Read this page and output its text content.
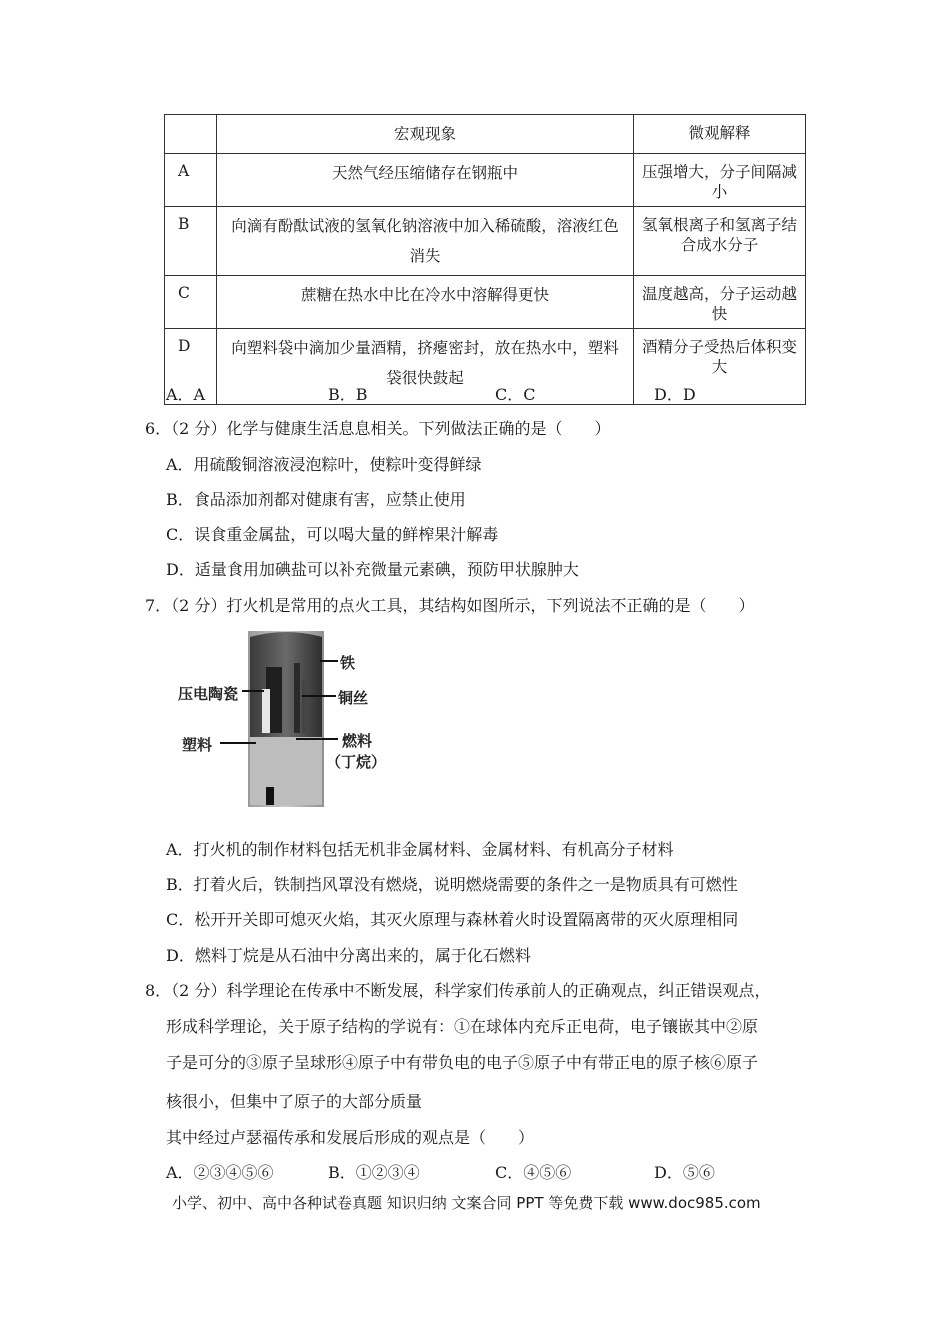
	宏观现象	微观解释
A	天然气经压缩储存在钢瓶中	压强增大，分子间隔减小
B	向滴有酚酞试液的氢氧化钠溶液中加入稀硫酸，溶液红色消失	氢氧根离子和氢离子结合成水分子
C	蔗糖在热水中比在冷水中溶解得更快	温度越高，分子运动越快
D	向塑料袋中滴加少量酒精，挤瘪密封，放在热水中，塑料袋很快鼓起	酒精分子受热后体积变大
A．A	B．B	C．C	D．D
6．（2 分）化学与健康生活息息相关。下列做法正确的是（　　）
A．用硫酸铜溶液浸泡粽叶，使粽叶变得鲜绿
B．食品添加剂都对健康有害，应禁止使用
C．误食重金属盐，可以喝大量的鲜榨果汁解毒
D．适量食用加碘盐可以补充微量元素碘，预防甲状腺肿大
7．（2 分）打火机是常用的点火工具，其结构如图所示，下列说法不正确的是（　　）
铁
压电陶瓷	铜丝
塑料	燃料
（丁烷）
A．打火机的制作材料包括无机非金属材料、金属材料、有机高分子材料
B．打着火后，铁制挡风罩没有燃烧，说明燃烧需要的条件之一是物质具有可燃性
C．松开开关即可熄灭火焰，其灭火原理与森林着火时设置隔离带的灭火原理相同
D．燃料丁烷是从石油中分离出来的，属于化石燃料
8．（2 分）科学理论在传承中不断发展，科学家们传承前人的正确观点，纠正错误观点，
形成科学理论，关于原子结构的学说有：①在球体内充斥正电荷，电子镶嵌其中②原
子是可分的③原子呈球形④原子中有带负电的电子⑤原子中有带正电的原子核⑥原子
核很小，但集中了原子的大部分质量
其中经过卢瑟福传承和发展后形成的观点是（　　）
A．②③④⑤⑥	B．①②③④	C．④⑤⑥	D．⑤⑥
小学、初中、高中各种试卷真题 知识归纳 文案合同 PPT 等免费下载 www.doc985.com
